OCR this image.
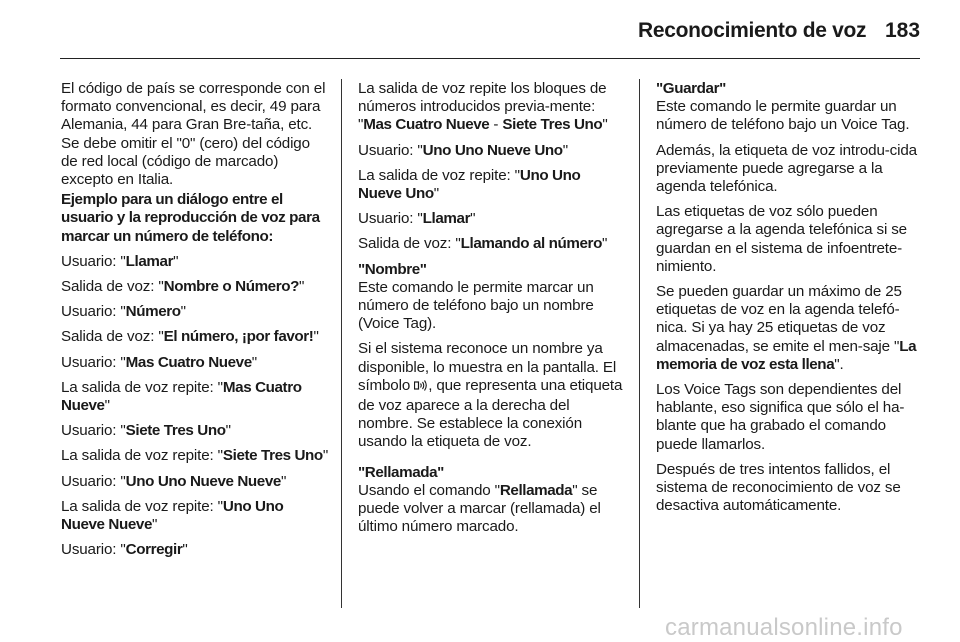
Reconocimiento de voz 183

El código de país se corresponde con el formato convencional, es decir, 49 para Alemania, 44 para Gran Bre-taña, etc. Se debe omitir el "0" (cero) del código de red local (código de marcado) excepto en Italia.

Ejemplo para un diálogo entre el usuario y la reproducción de voz para marcar un número de teléfono:

Usuario: "Llamar"

Salida de voz: "Nombre o Número?"

Usuario: "Número"

Salida de voz: "El número, ¡por favor!"

Usuario: "Mas Cuatro Nueve"

La salida de voz repite: "Mas Cuatro Nueve"

Usuario: "Siete Tres Uno"

La salida de voz repite: "Siete Tres Uno"

Usuario: "Uno Uno Nueve Nueve"

La salida de voz repite: "Uno Uno Nueve Nueve"

Usuario: "Corregir"

La salida de voz repite los bloques de números introducidos previa-mente: "Mas Cuatro Nueve - Siete Tres Uno"

Usuario: "Uno Uno Nueve Uno"

La salida de voz repite: "Uno Uno Nueve Uno"

Usuario: "Llamar"

Salida de voz: "Llamando al número"

"Nombre"

Este comando le permite marcar un número de teléfono bajo un nombre (Voice Tag).

Si el sistema reconoce un nombre ya disponible, lo muestra en la pantalla. El símbolo , que representa una etiqueta de voz aparece a la derecha del nombre. Se establece la conexión usando la etiqueta de voz.

"Rellamada"

Usando el comando "Rellamada" se puede volver a marcar (rellamada) el último número marcado.

"Guardar"

Este comando le permite guardar un número de teléfono bajo un Voice Tag.

Además, la etiqueta de voz introdu-cida previamente puede agregarse a la agenda telefónica.

Las etiquetas de voz sólo pueden agregarse a la agenda telefónica si se guardan en el sistema de infoentrete-nimiento.

Se pueden guardar un máximo de 25 etiquetas de voz en la agenda telefó-nica. Si ya hay 25 etiquetas de voz almacenadas, se emite el men-saje "La memoria de voz esta llena".

Los Voice Tags son dependientes del hablante, eso significa que sólo el ha-blante que ha grabado el comando puede llamarlos.

Después de tres intentos fallidos, el sistema de reconocimiento de voz se desactiva automáticamente.

carmanualsonline.info
